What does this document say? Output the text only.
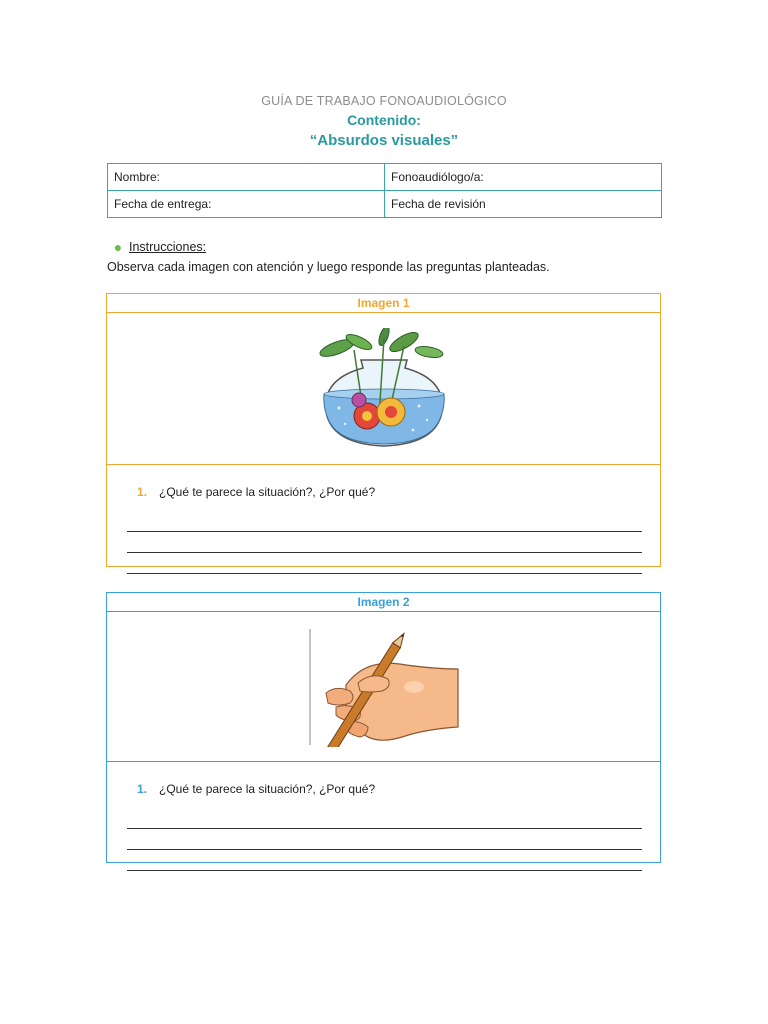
GUÍA DE TRABAJO FONOAUDIOLÓGICO
Contenido:
“Absurdos visuales”
Nombre:	Fonoaudiólogo/a:
Fecha de entrega:	Fecha de revisión
● Instrucciones:
Observa cada imagen con atención y luego responde las preguntas planteadas.
Imagen 1
1. ¿Qué te parece la situación?, ¿Por qué?
Imagen 2
1. ¿Qué te parece la situación?, ¿Por qué?
